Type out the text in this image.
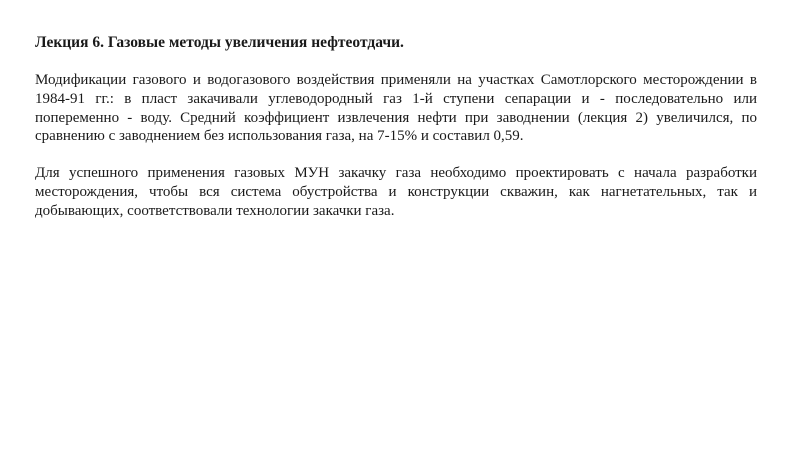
Лекция 6. Газовые методы увеличения нефтеотдачи.

Модификации газового и водогазового воздействия применяли на участках Самотлорского месторождении в 1984-91 гг.: в пласт закачивали углеводородный газ 1-й ступени сепарации и - последовательно или попеременно - воду. Средний коэффициент извлечения нефти при заводнении (лекция 2) увеличился, по сравнению с заводнением без использования газа, на 7-15% и составил 0,59.

Для успешного применения газовых МУН закачку газа необходимо проектировать с начала разработки месторождения, чтобы вся система обустройства и конструкции скважин, как нагнетательных, так и добывающих, соответствовали технологии закачки газа.
